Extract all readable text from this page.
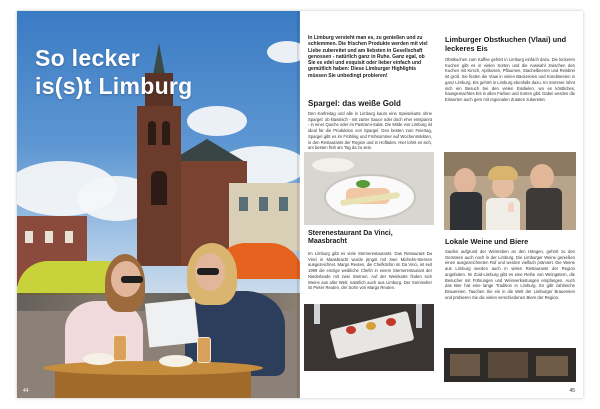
So lecker
is(s)t Limburg
44
In Limburg versteht man es, zu genießen und zu schlemmen. Die frischen Produkte werden mit viel Liebe zubereitet und am liebsten in Gesellschaft genossen - natürlich ganz in Ruhe. Ganz egal, ob Sie es edel und exquisit oder lieber einfach und gemütlich haben: Diese Limburger Highlights müssen Sie unbedingt probieren!
Spargel: das weiße Gold
Den Karfreitag und alle in Limburg kaum eine Speisekarte ohne Spargel: ob klassisch - mit zarter Sauce oder doch eher entspannt - in einer Quiche oder im Pastrami-Salat. Die Milde von Limburg ist ideal für die Produktion von Spargel. Den besten zum Feiertag, Spargel gibt es im Frühling und Frühsommer auf Wochenmärkten, in den Restaurants der Region und in Hofläden. Hier lohnt es sich, am besten früh am Tag da zu sein.
Sterenestaurant Da Vinci, Maasbracht
Im Limburg gibt es viele Sternerestaurants. Das Restaurant Da Vinci in Maasbracht wurde jüngst mit zwei Michelin-Sternen ausgezeichnet. Margo Reuten, die Chefköchin im Da Vinci, ist seit 1999 die einzige weibliche Chefin in einem Sternerestaurant der Niederlande mit zwei Sternen. Auf der Weinkarte finden sich Weine aus aller Welt, natürlich auch aus Limburg. Der Sommelier ist Pieter Reuten, der Sohn von Margo Reuten.
Limburger Obstkuchen (Vlaai) und leckeres Eis
Obstkuchen zum Kaffee gehört in Limburg einfach dazu. Die leckeren Kuchen gibt es in vielen Sorten und die Auswahl zwischen den Kuchen mit Kirsch, Aprikosen, Pflaumen, Stachelbeeren und Reisbrei ist groß. Sie finden die Vlaai in vielen Bäckereien und Konditoreien in ganz Limburg. Eis gehört in Limburg ebenfalls dazu. Im Sommer lohnt sich ein Besuch bei den vielen Eisdielen, wo es köstliches, hausgemachtes Eis in allen Farben und Sorten gibt. Dabei werden die Eissorten auch gern mit regionalen Zutaten zubereitet.
Lokale Weine und Biere
Saufen aufgrund der Weinreben an den Hängen, gehört zu den Gemüsen auch noch in der Limburg. Die Limburger Weine genießen einen ausgezeichneten Ruf und werden vielfach prämiert. Die Weine aus Limburg werden auch in vielen Restaurants der Region angeboten. Im Zuid-Limburg gibt es eine Reihe von Weingütern, die Besucher mit Führungen und Weinverkostungen empfangen. Auch das Bier hat eine lange Tradition in Limburg. Es gibt zahlreiche Brauereien. Tauchen Sie ein in die Welt der Limburger Brauereien und probieren Sie die vielen verschiedenen Biere der Region.
45
